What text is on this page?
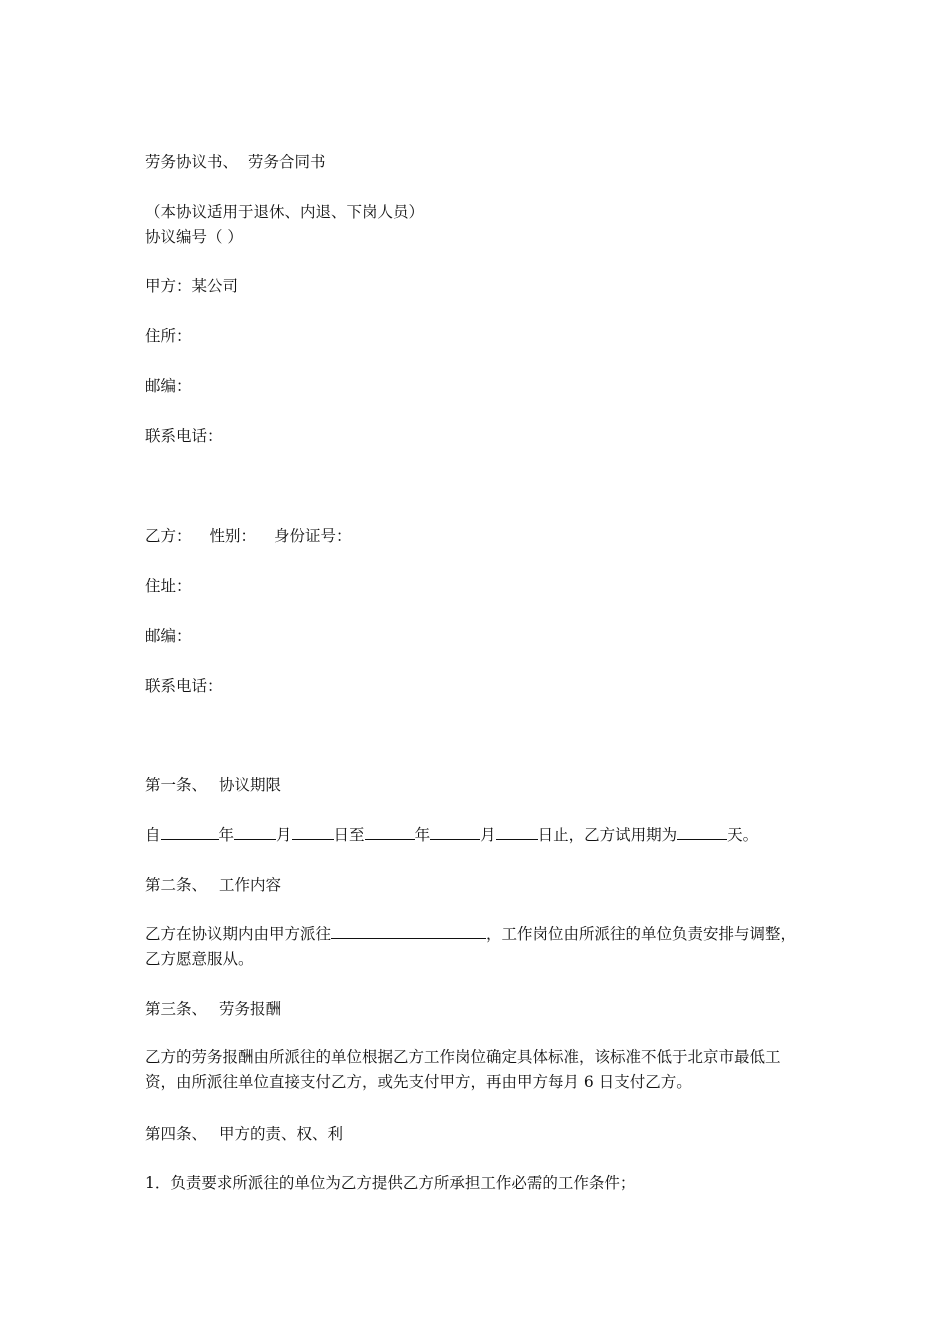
劳务协议书、 劳务合同书
（本协议适用于退休、内退、下岗人员）
协议编号（ ）
甲方：某公司
住所：
邮编：
联系电话：
乙方： 性别： 身份证号：
住址：
邮编：
联系电话：
第一条、 协议期限
自	年	月	日至	年	月	日止，乙方试用期为	天。
第二条、 工作内容
乙方在协议期内由甲方派往	，工作岗位由所派往的单位负责安排与调整，乙方愿意服从。
第三条、 劳务报酬
乙方的劳务报酬由所派往的单位根据乙方工作岗位确定具体标准，该标准不低于北京市最低工资，由所派往单位直接支付乙方，或先支付甲方，再由甲方每月 6 日支付乙方。
第四条、 甲方的责、权、利
1．负责要求所派往的单位为乙方提供乙方所承担工作必需的工作条件；
